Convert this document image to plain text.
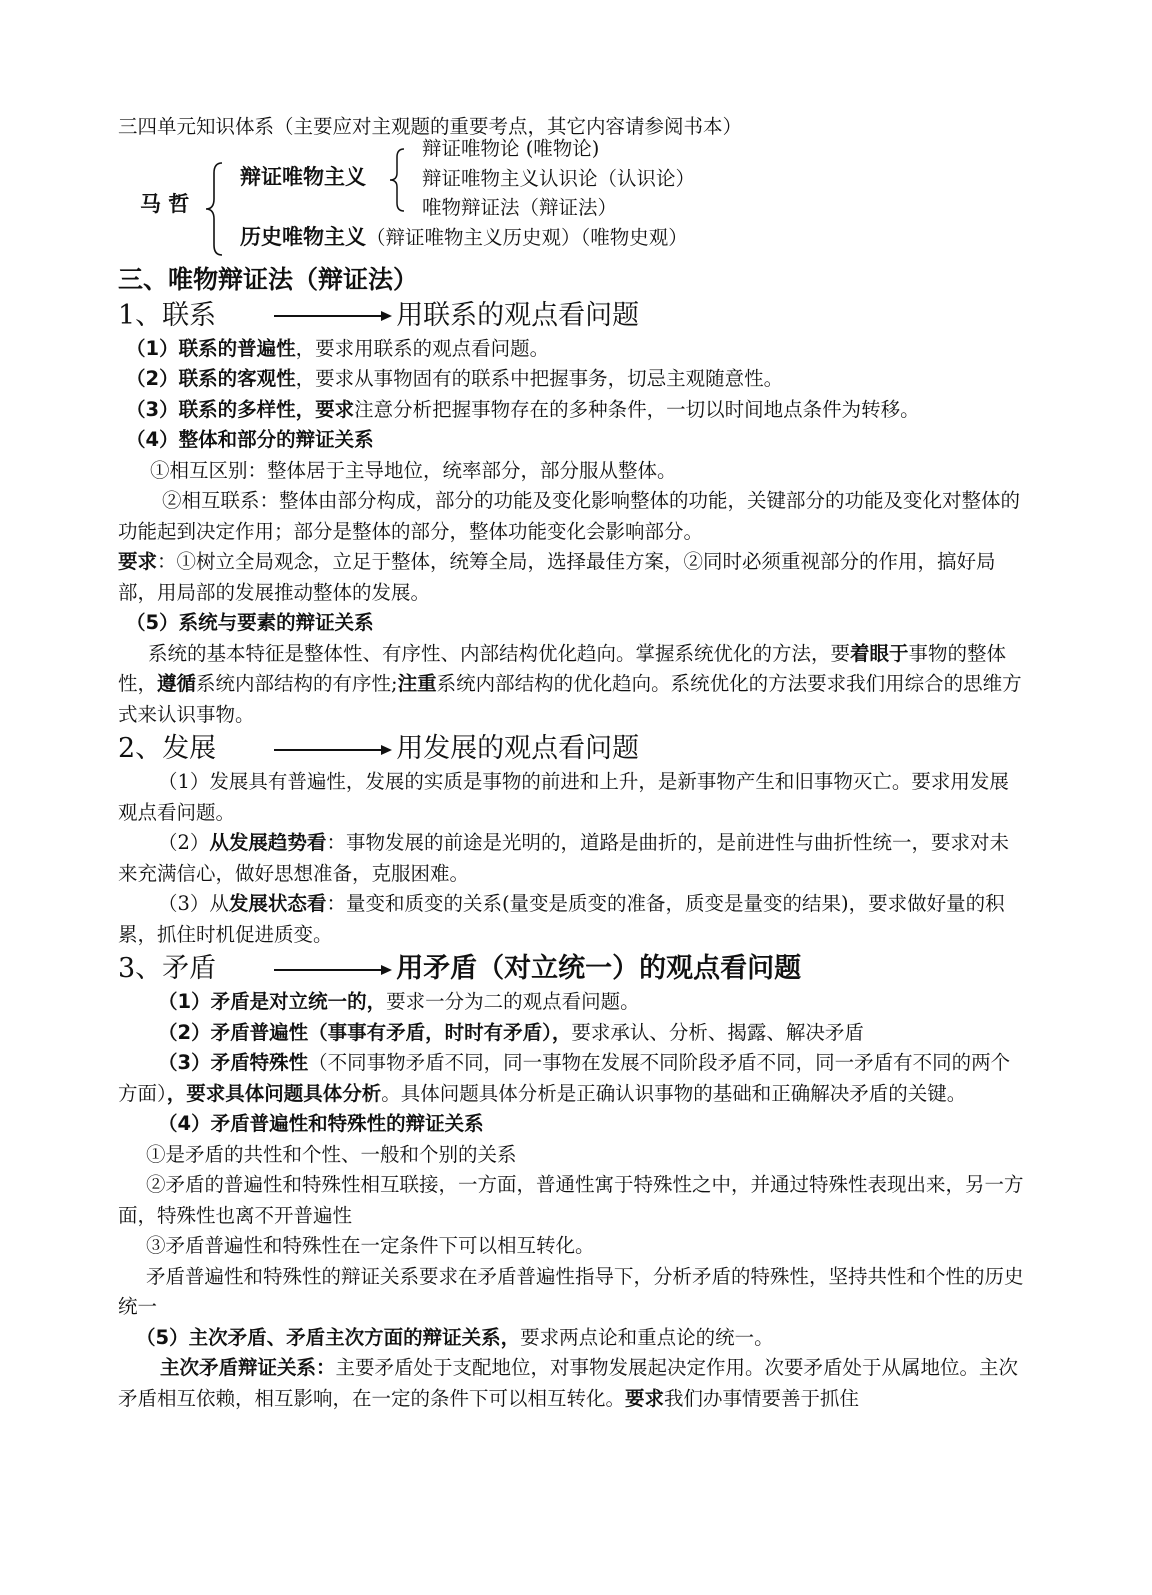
三四单元知识体系（主要应对主观题的重要考点，其它内容请参阅书本）
马 哲
辩证唯物主义
辩证唯物论 (唯物论)
辩证唯物主义认识论（认识论）
唯物辩证法（辩证法）
历史唯物主义（辩证唯物主义历史观）（唯物史观）
三、唯物辩证法（辩证法）
1、联系	用联系的观点看问题
（1）联系的普遍性，要求用联系的观点看问题。
（2）联系的客观性，要求从事物固有的联系中把握事务，切忌主观随意性。
（3）联系的多样性，要求注意分析把握事物存在的多种条件，一切以时间地点条件为转移。
（4）整体和部分的辩证关系
①相互区别：整体居于主导地位，统率部分，部分服从整体。
②相互联系：整体由部分构成，部分的功能及变化影响整体的功能，关键部分的功能及变化对整体的功能起到决定作用；部分是整体的部分，整体功能变化会影响部分。
要求：①树立全局观念，立足于整体，统筹全局，选择最佳方案，②同时必须重视部分的作用，搞好局部，用局部的发展推动整体的发展。
（5）系统与要素的辩证关系
系统的基本特征是整体性、有序性、内部结构优化趋向。掌握系统优化的方法，要着眼于事物的整体性，遵循系统内部结构的有序性;注重系统内部结构的优化趋向。系统优化的方法要求我们用综合的思维方式来认识事物。
2、发展	用发展的观点看问题
（1）发展具有普遍性，发展的实质是事物的前进和上升，是新事物产生和旧事物灭亡。要求用发展观点看问题。
（2）从发展趋势看：事物发展的前途是光明的，道路是曲折的，是前进性与曲折性统一，要求对未来充满信心，做好思想准备，克服困难。
（3）从发展状态看：量变和质变的关系(量变是质变的准备，质变是量变的结果)，要求做好量的积累，抓住时机促进质变。
3、矛盾	用矛盾（对立统一）的观点看问题
（1）矛盾是对立统一的，要求一分为二的观点看问题。
（2）矛盾普遍性（事事有矛盾，时时有矛盾），要求承认、分析、揭露、解决矛盾
（3）矛盾特殊性（不同事物矛盾不同，同一事物在发展不同阶段矛盾不同，同一矛盾有不同的两个方面），要求具体问题具体分析。具体问题具体分析是正确认识事物的基础和正确解决矛盾的关键。
（4）矛盾普遍性和特殊性的辩证关系
①是矛盾的共性和个性、一般和个别的关系
②矛盾的普遍性和特殊性相互联接，一方面，普通性寓于特殊性之中，并通过特殊性表现出来，另一方面，特殊性也离不开普遍性
③矛盾普遍性和特殊性在一定条件下可以相互转化。
矛盾普遍性和特殊性的辩证关系要求在矛盾普遍性指导下，分析矛盾的特殊性，坚持共性和个性的历史统一
（5）主次矛盾、矛盾主次方面的辩证关系，要求两点论和重点论的统一。
主次矛盾辩证关系：主要矛盾处于支配地位，对事物发展起决定作用。次要矛盾处于从属地位。主次矛盾相互依赖，相互影响，在一定的条件下可以相互转化。要求我们办事情要善于抓住
